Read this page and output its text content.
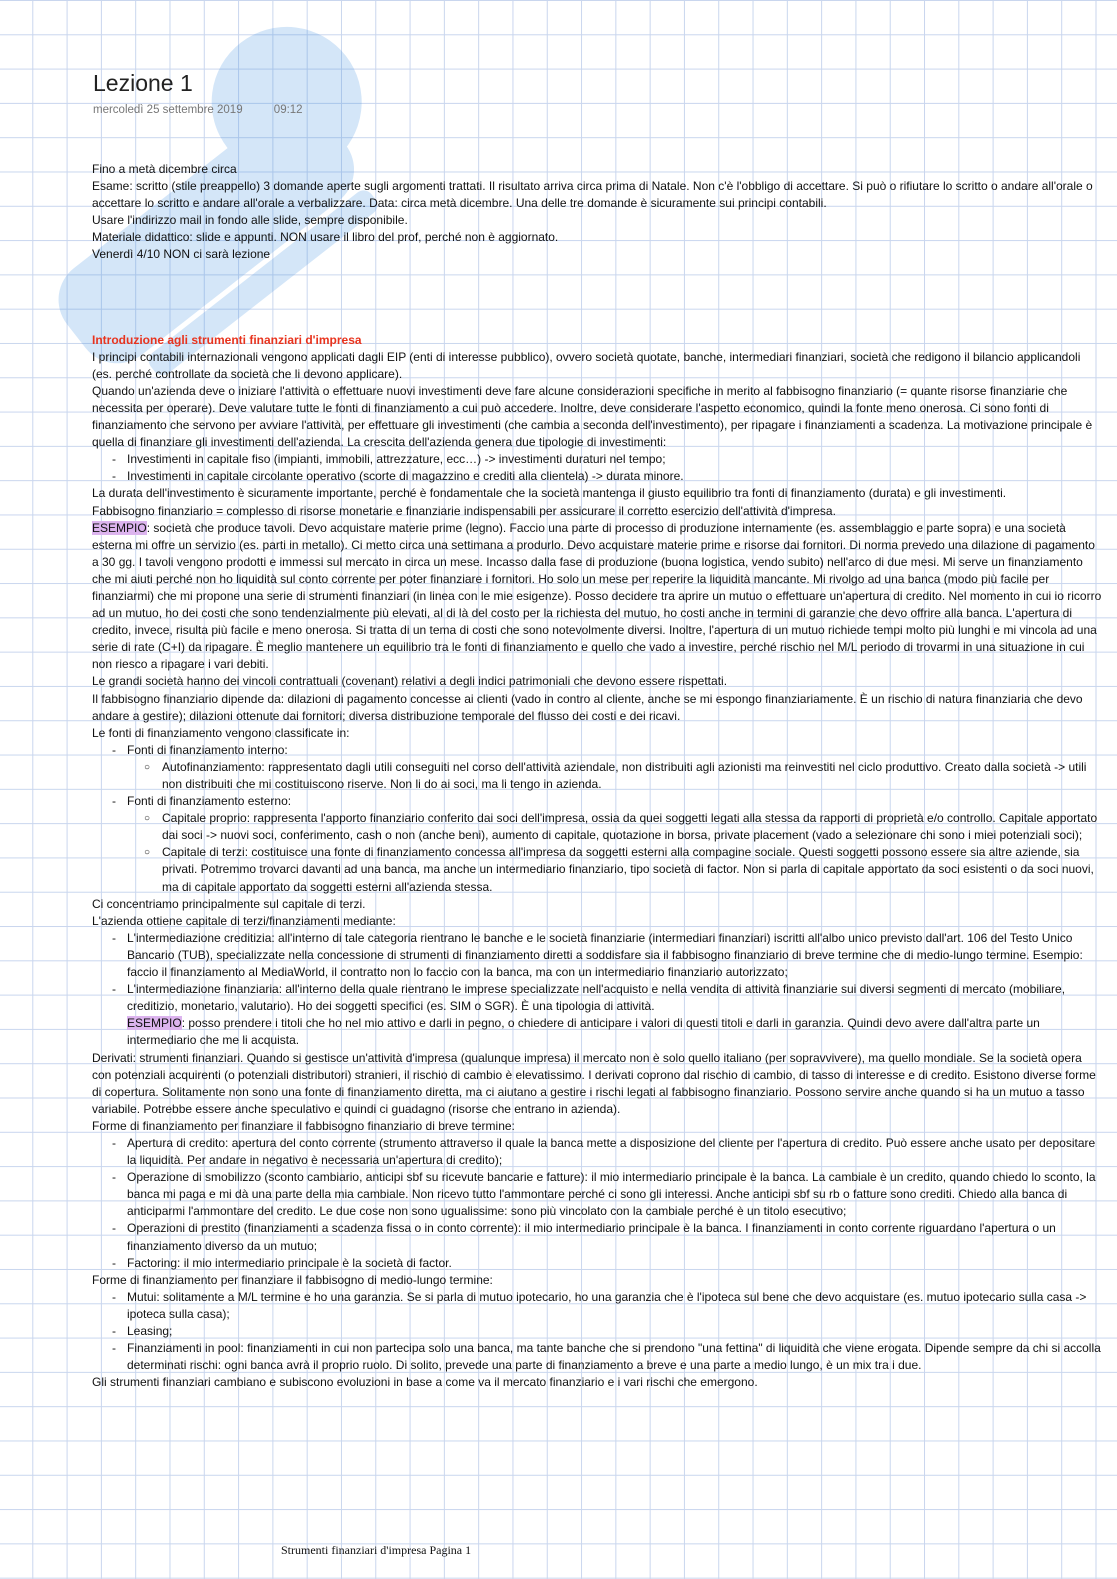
Lezione 1
mercoledì 25 settembre 2019	09:12

Fino a metà dicembre circa

Esame: scritto (stile preappello) 3 domande aperte sugli argomenti trattati. Il risultato arriva circa prima di Natale. Non c'è l'obbligo di accettare. Si può o rifiutare lo scritto o andare all'orale o accettare lo scritto e andare all'orale a verbalizzare. Data: circa metà dicembre. Una delle tre domande è sicuramente sui principi contabili.

Usare l'indirizzo mail in fondo alle slide, sempre disponibile.

Materiale didattico: slide e appunti. NON usare il libro del prof, perché non è aggiornato.

Venerdì 4/10 NON ci sarà lezione

Introduzione agli strumenti finanziari d'impresa

I principi contabili internazionali vengono applicati dagli EIP (enti di interesse pubblico), ovvero società quotate, banche, intermediari finanziari, società che redigono il bilancio applicandoli (es. perché controllate da società che li devono applicare).

Quando un'azienda deve o iniziare l'attività o effettuare nuovi investimenti deve fare alcune considerazioni specifiche in merito al fabbisogno finanziario (= quante risorse finanziarie che necessita per operare). Deve valutare tutte le fonti di finanziamento a cui può accedere. Inoltre, deve considerare l'aspetto economico, quindi la fonte meno onerosa. Ci sono fonti di finanziamento che servono per avviare l'attività, per effettuare gli investimenti (che cambia a seconda dell'investimento), per ripagare i finanziamenti a scadenza. La motivazione principale è quella di finanziare gli investimenti dell'azienda. La crescita dell'azienda genera due tipologie di investimenti:

- Investimenti in capitale fiso (impianti, immobili, attrezzature, ecc…) -> investimenti duraturi nel tempo;
- Investimenti in capitale circolante operativo (scorte di magazzino e crediti alla clientela) -> durata minore.

La durata dell'investimento è sicuramente importante, perché è fondamentale che la società mantenga il giusto equilibrio tra fonti di finanziamento (durata) e gli investimenti.

Fabbisogno finanziario = complesso di risorse monetarie e finanziarie indispensabili per assicurare il corretto esercizio dell'attività d'impresa.

ESEMPIO: società che produce tavoli. Devo acquistare materie prime (legno). Faccio una parte di processo di produzione internamente (es. assemblaggio e parte sopra) e una società esterna mi offre un servizio (es. parti in metallo). Ci metto circa una settimana a produrlo. Devo acquistare materie prime e risorse dai fornitori. Di norma prevedo una dilazione di pagamento a 30 gg. I tavoli vengono prodotti e immessi sul mercato in circa un mese. Incasso dalla fase di produzione (buona logistica, vendo subito) nell'arco di due mesi. Mi serve un finanziamento che mi aiuti perché non ho liquidità sul conto corrente per poter finanziare i fornitori. Ho solo un mese per reperire la liquidità mancante. Mi rivolgo ad una banca (modo più facile per finanziarmi) che mi propone una serie di strumenti finanziari (in linea con le mie esigenze). Posso decidere tra aprire un mutuo o effettuare un'apertura di credito. Nel momento in cui io ricorro ad un mutuo, ho dei costi che sono tendenzialmente più elevati, al di là del costo per la richiesta del mutuo, ho costi anche in termini di garanzie che devo offrire alla banca. L'apertura di credito, invece, risulta più facile e meno onerosa. Si tratta di un tema di costi che sono notevolmente diversi. Inoltre, l'apertura di un mutuo richiede tempi molto più lunghi e mi vincola ad una serie di rate (C+I) da ripagare. È meglio mantenere un equilibrio tra le fonti di finanziamento e quello che vado a investire, perché rischio nel M/L periodo di trovarmi in una situazione in cui non riesco a ripagare i vari debiti.

Le grandi società hanno dei vincoli contrattuali (covenant) relativi a degli indici patrimoniali che devono essere rispettati.

Il fabbisogno finanziario dipende da: dilazioni di pagamento concesse ai clienti (vado in contro al cliente, anche se mi espongo finanziariamente. È un rischio di natura finanziaria che devo andare a gestire); dilazioni ottenute dai fornitori; diversa distribuzione temporale del flusso dei costi e dei ricavi.

Le fonti di finanziamento vengono classificate in:

- Fonti di finanziamento interno:
○ Autofinanziamento: rappresentato dagli utili conseguiti nel corso dell'attività aziendale, non distribuiti agli azionisti ma reinvestiti nel ciclo produttivo. Creato dalla società -> utili non distribuiti che mi costituiscono riserve. Non li do ai soci, ma li tengo in azienda.
- Fonti di finanziamento esterno:
○ Capitale proprio: rappresenta l'apporto finanziario conferito dai soci dell'impresa, ossia da quei soggetti legati alla stessa da rapporti di proprietà e/o controllo. Capitale apportato dai soci -> nuovi soci, conferimento, cash o non (anche beni), aumento di capitale, quotazione in borsa, private placement (vado a selezionare chi sono i miei potenziali soci);
○ Capitale di terzi: costituisce una fonte di finanziamento concessa all'impresa da soggetti esterni alla compagine sociale. Questi soggetti possono essere sia altre aziende, sia privati. Potremmo trovarci davanti ad una banca, ma anche un intermediario finanziario, tipo società di factor. Non si parla di capitale apportato da soci esistenti o da soci nuovi, ma di capitale apportato da soggetti esterni all'azienda stessa.

Ci concentriamo principalmente sul capitale di terzi.

L'azienda ottiene capitale di terzi/finanziamenti mediante:

- L'intermediazione creditizia: all'interno di tale categoria rientrano le banche e le società finanziarie (intermediari finanziari) iscritti all'albo unico previsto dall'art. 106 del Testo Unico Bancario (TUB), specializzate nella concessione di strumenti di finanziamento diretti a soddisfare sia il fabbisogno finanziario di breve termine che di medio-lungo termine. Esempio: faccio il finanziamento al MediaWorld, il contratto non lo faccio con la banca, ma con un intermediario finanziario autorizzato;
- L'intermediazione finanziaria: all'interno della quale rientrano le imprese specializzate nell'acquisto e nella vendita di attività finanziarie sui diversi segmenti di mercato (mobiliare, creditizio, monetario, valutario). Ho dei soggetti specifici (es. SIM o SGR). È una tipologia di attività.
ESEMPIO: posso prendere i titoli che ho nel mio attivo e darli in pegno, o chiedere di anticipare i valori di questi titoli e darli in garanzia. Quindi devo avere dall'altra parte un intermediario che me li acquista.

Derivati: strumenti finanziari. Quando si gestisce un'attività d'impresa (qualunque impresa) il mercato non è solo quello italiano (per sopravvivere), ma quello mondiale. Se la società opera con potenziali acquirenti (o potenziali distributori) stranieri, il rischio di cambio è elevatissimo. I derivati coprono dal rischio di cambio, di tasso di interesse e di credito. Esistono diverse forme di copertura. Solitamente non sono una fonte di finanziamento diretta, ma ci aiutano a gestire i rischi legati al fabbisogno finanziario. Possono servire anche quando si ha un mutuo a tasso variabile. Potrebbe essere anche speculativo e quindi ci guadagno (risorse che entrano in azienda).

Forme di finanziamento per finanziare il fabbisogno finanziario di breve termine:

- Apertura di credito: apertura del conto corrente (strumento attraverso il quale la banca mette a disposizione del cliente per l'apertura di credito. Può essere anche usato per depositare la liquidità. Per andare in negativo è necessaria un'apertura di credito);
- Operazione di smobilizzo (sconto cambiario, anticipi sbf su ricevute bancarie e fatture): il mio intermediario principale è la banca. La cambiale è un credito, quando chiedo lo sconto, la banca mi paga e mi dà una parte della mia cambiale. Non ricevo tutto l'ammontare perché ci sono gli interessi. Anche anticipi sbf su rb o fatture sono crediti. Chiedo alla banca di anticiparmi l'ammontare del credito. Le due cose non sono ugualissime: sono più vincolato con la cambiale perché è un titolo esecutivo;
- Operazioni di prestito (finanziamenti a scadenza fissa o in conto corrente): il mio intermediario principale è la banca. I finanziamenti in conto corrente riguardano l'apertura o un finanziamento diverso da un mutuo;
- Factoring: il mio intermediario principale è la società di factor.

Forme di finanziamento per finanziare il fabbisogno di medio-lungo termine:

- Mutui: solitamente a M/L termine e ho una garanzia. Se si parla di mutuo ipotecario, ho una garanzia che è l'ipoteca sul bene che devo acquistare (es. mutuo ipotecario sulla casa -> ipoteca sulla casa);
- Leasing;
- Finanziamenti in pool: finanziamenti in cui non partecipa solo una banca, ma tante banche che si prendono "una fettina" di liquidità che viene erogata. Dipende sempre da chi si accolla determinati rischi: ogni banca avrà il proprio ruolo. Di solito, prevede una parte di finanziamento a breve e una parte a medio lungo, è un mix tra i due.

Gli strumenti finanziari cambiano e subiscono evoluzioni in base a come va il mercato finanziario e i vari rischi che emergono.

Strumenti finanziari d'impresa Pagina 1
